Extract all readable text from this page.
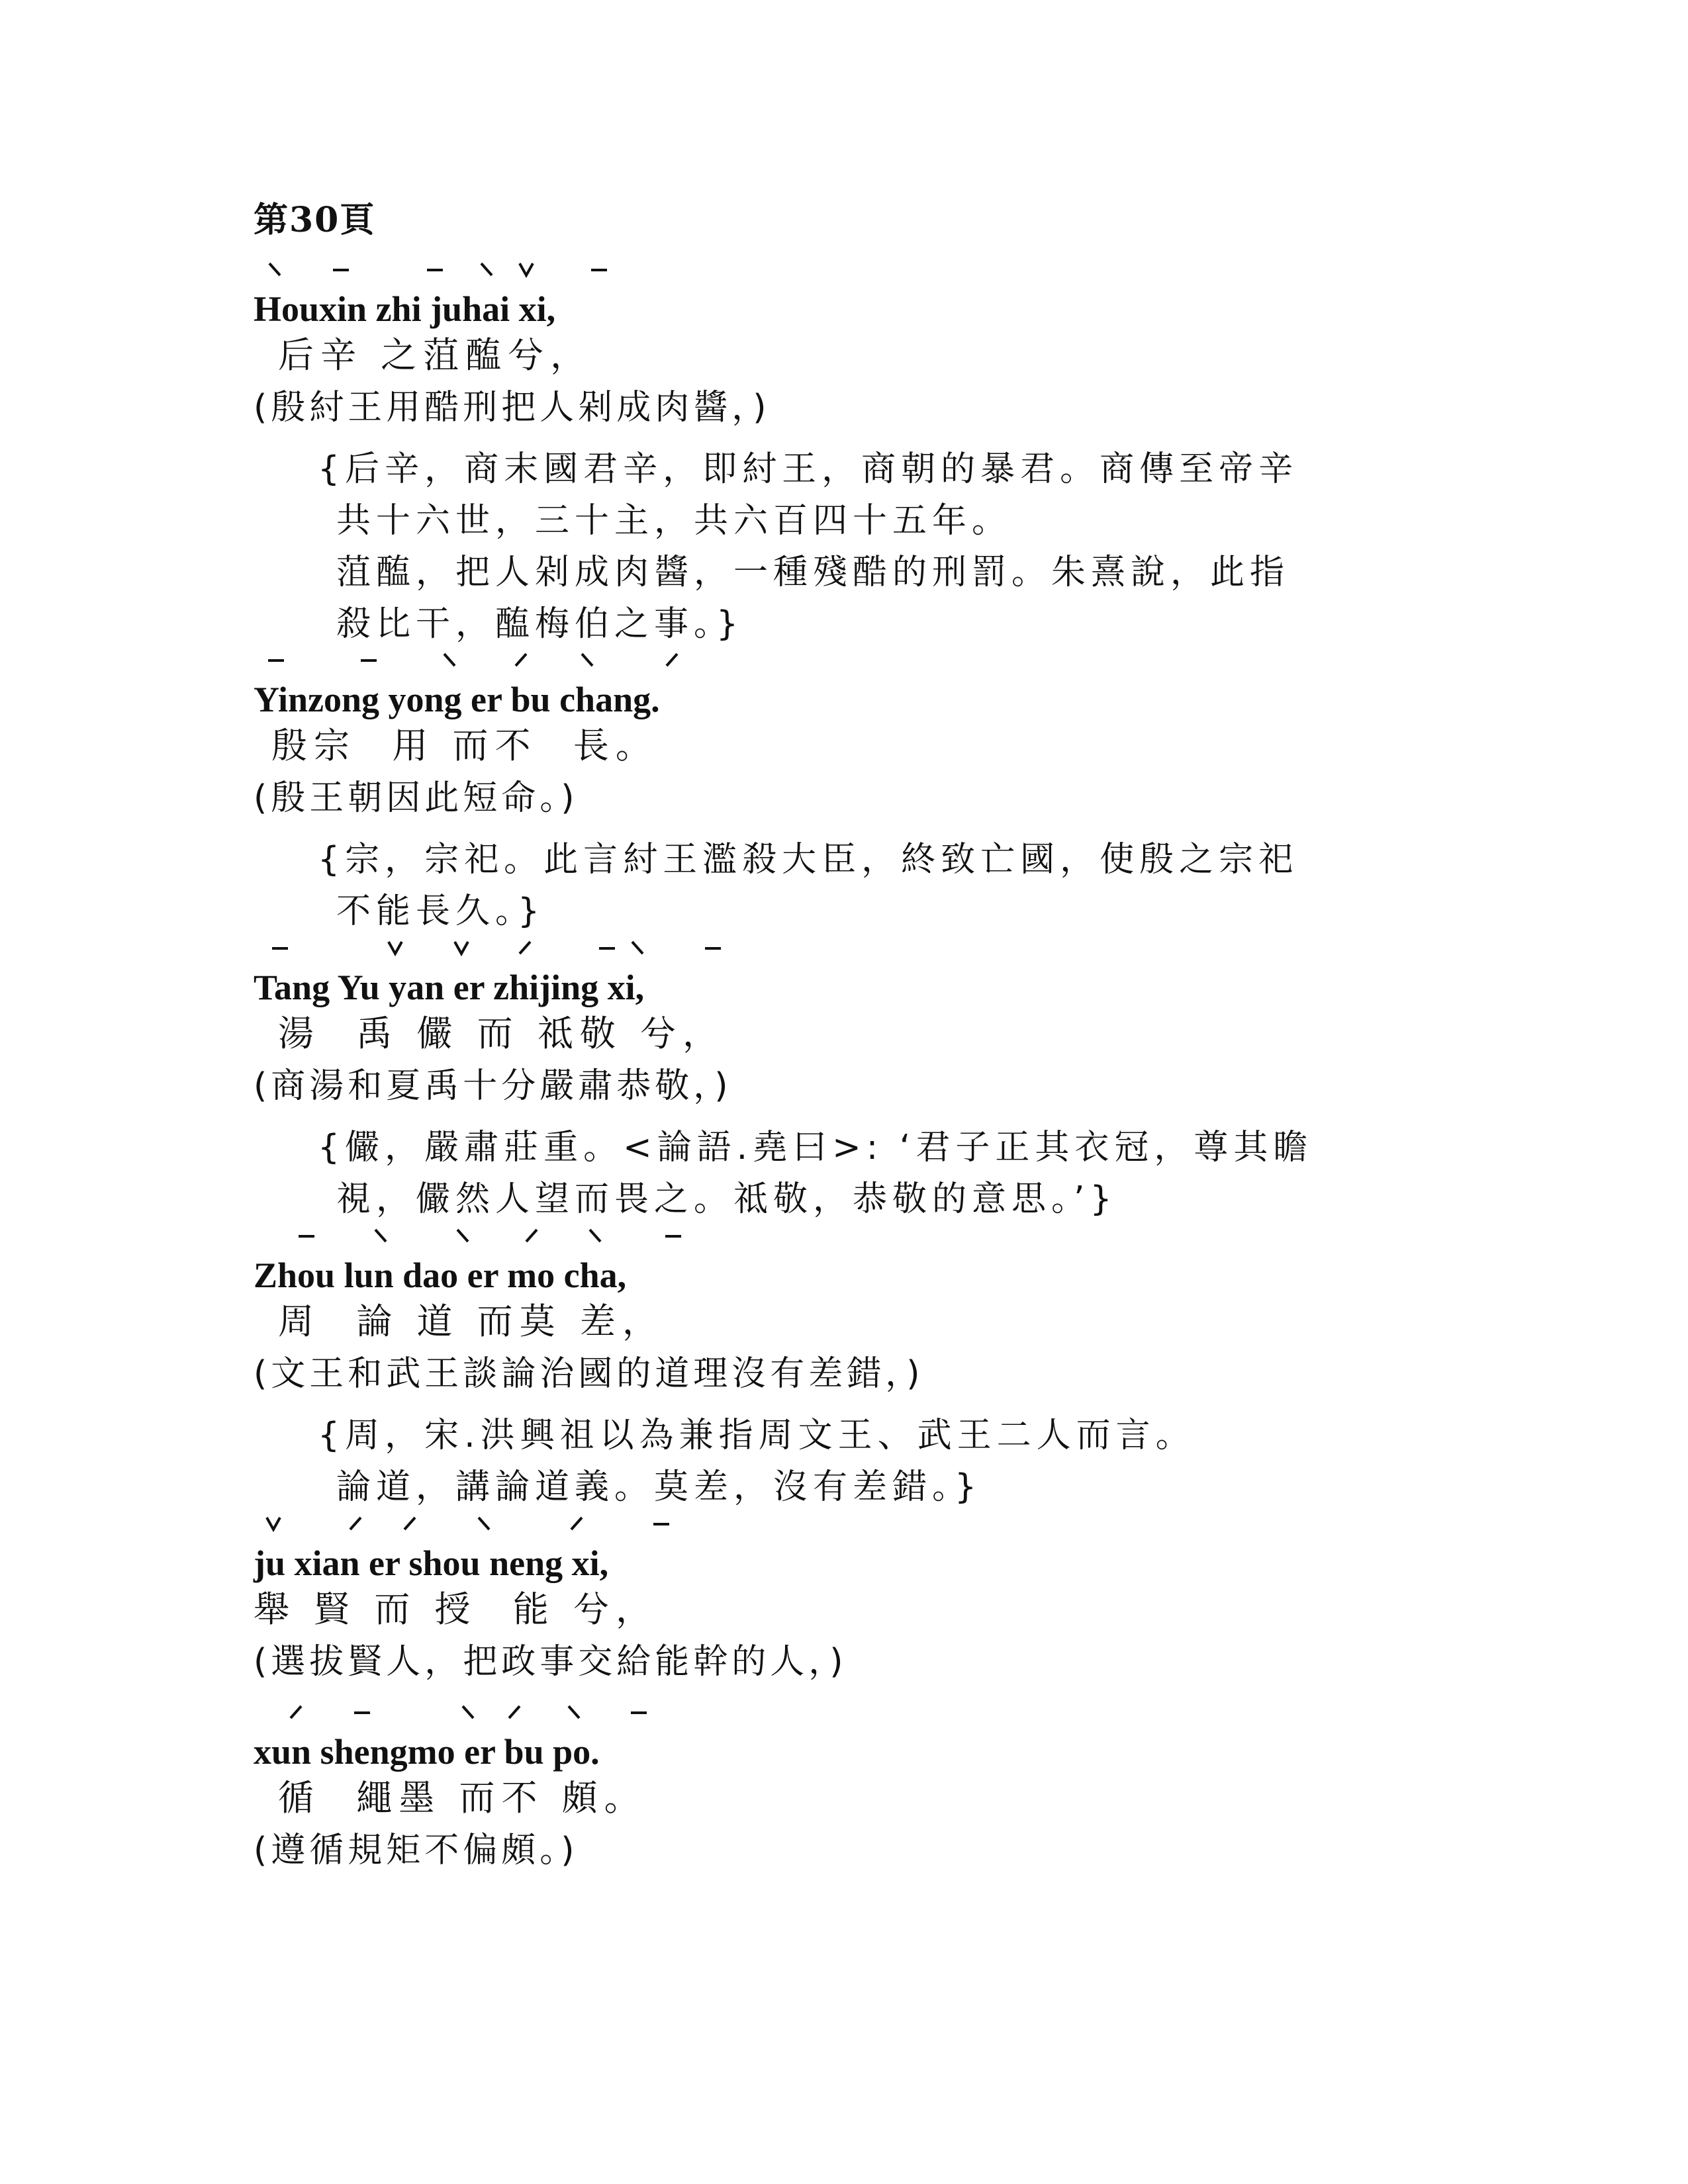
第30頁
Houxin zhi juhai xi,
后辛 之菹醢兮，
(殷紂王用酷刑把人剁成肉醬，)
{后辛，商末國君辛，即紂王，商朝的暴君。商傳至帝辛
共十六世，三十主，共六百四十五年。
菹醢，把人剁成肉醬，一種殘酷的刑罰。朱熹說，此指
殺比干，醢梅伯之事。}
Yinzong yong er bu chang.
殷宗  用 而不  長。
(殷王朝因此短命。)
{宗，宗祀。此言紂王濫殺大臣，終致亡國，使殷之宗祀
不能長久。}
Tang Yu yan er zhijing xi,
湯  禹 儼 而 祗敬 兮，
(商湯和夏禹十分嚴肅恭敬，)
{儼，嚴肅莊重。<論語.堯曰>: ‘君子正其衣冠，尊其瞻
視，儼然人望而畏之。祗敬，恭敬的意思。’}
Zhou lun dao er mo cha,
周  論 道 而莫 差，
(文王和武王談論治國的道理沒有差錯，)
{周，宋.洪興祖以為兼指周文王、武王二人而言。
論道，講論道義。莫差，沒有差錯。}
ju xian er shou neng xi,
舉 賢 而 授  能 兮，
(選拔賢人，把政事交給能幹的人，)
xun shengmo er bu po.
循  繩墨 而不 頗。
(遵循規矩不偏頗。)
